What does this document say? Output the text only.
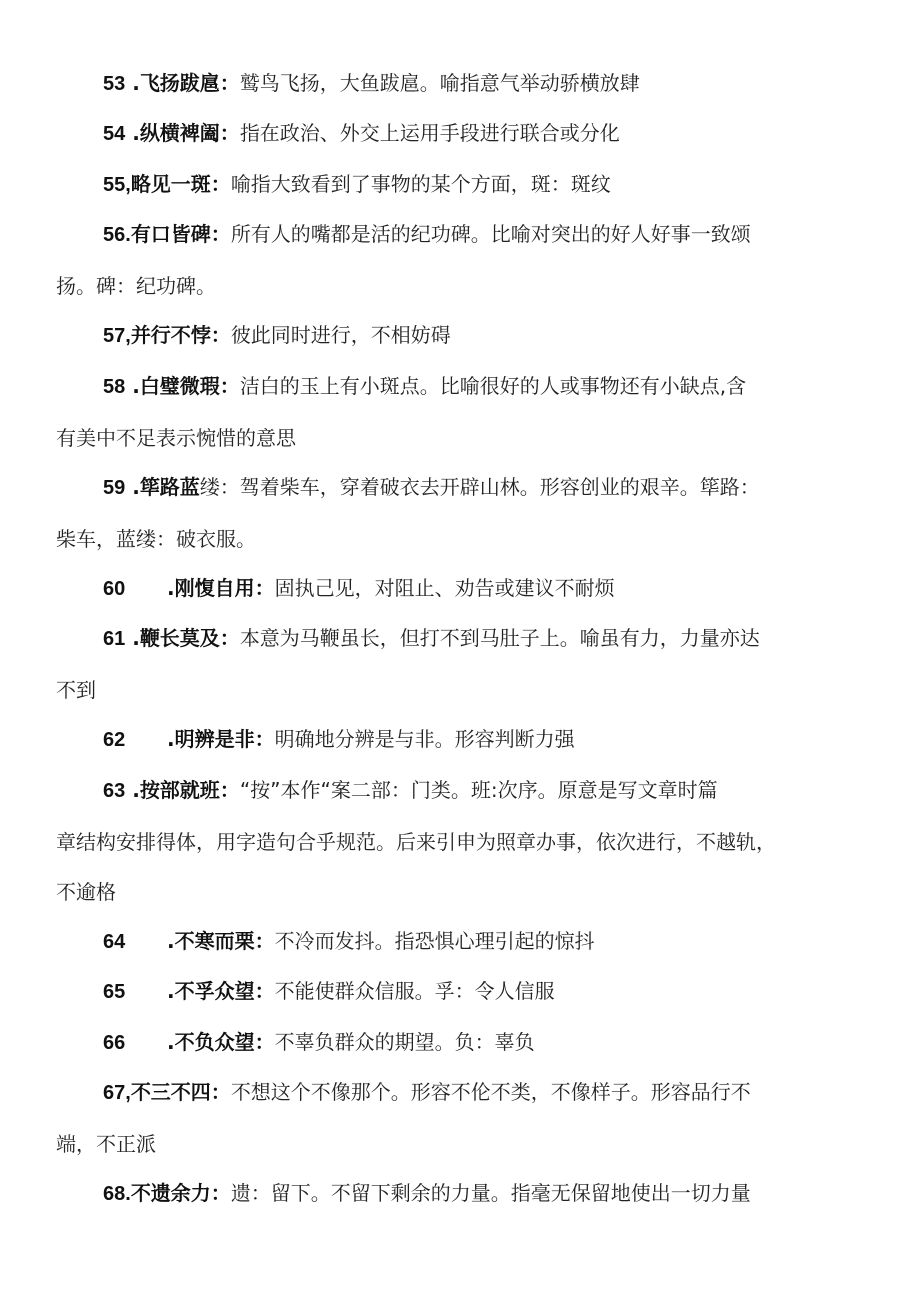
53 .飞扬跋扈：鹫鸟飞扬，大鱼跋扈。喻指意气举动骄横放肆
54 .纵横裨阖：指在政治、外交上运用手段进行联合或分化
55,略见一斑：喻指大致看到了事物的某个方面，斑：斑纹
56.有口皆碑：所有人的嘴都是活的纪功碑。比喻对突出的好人好事一致颂
扬。碑：纪功碑。
57,并行不悖：彼此同时进行，不相妨碍
58 .白璧微瑕：洁白的玉上有小斑点。比喻很好的人或事物还有小缺点,含
有美中不足表示惋惜的意思
59 .筚路蓝缕：驾着柴车，穿着破衣去开辟山林。形容创业的艰辛。筚路：
柴车，蓝缕：破衣服。
60      .刚愎自用：固执己见，对阻止、劝告或建议不耐烦
61 .鞭长莫及：本意为马鞭虽长，但打不到马肚子上。喻虽有力，力量亦达
不到
62      .明辨是非：明确地分辨是与非。形容判断力强
63 .按部就班：“按”本作“案二部：门类。班:次序。原意是写文章时篇
章结构安排得体，用字造句合乎规范。后来引申为照章办事，依次进行，不越轨，
不逾格
64      .不寒而栗：不冷而发抖。指恐惧心理引起的惊抖
65      .不孚众望：不能使群众信服。孚：令人信服
66      .不负众望：不辜负群众的期望。负：辜负
67,不三不四：不想这个不像那个。形容不伦不类，不像样子。形容品行不
端，不正派
68.不遗余力：遗：留下。不留下剩余的力量。指毫无保留地使出一切力量
